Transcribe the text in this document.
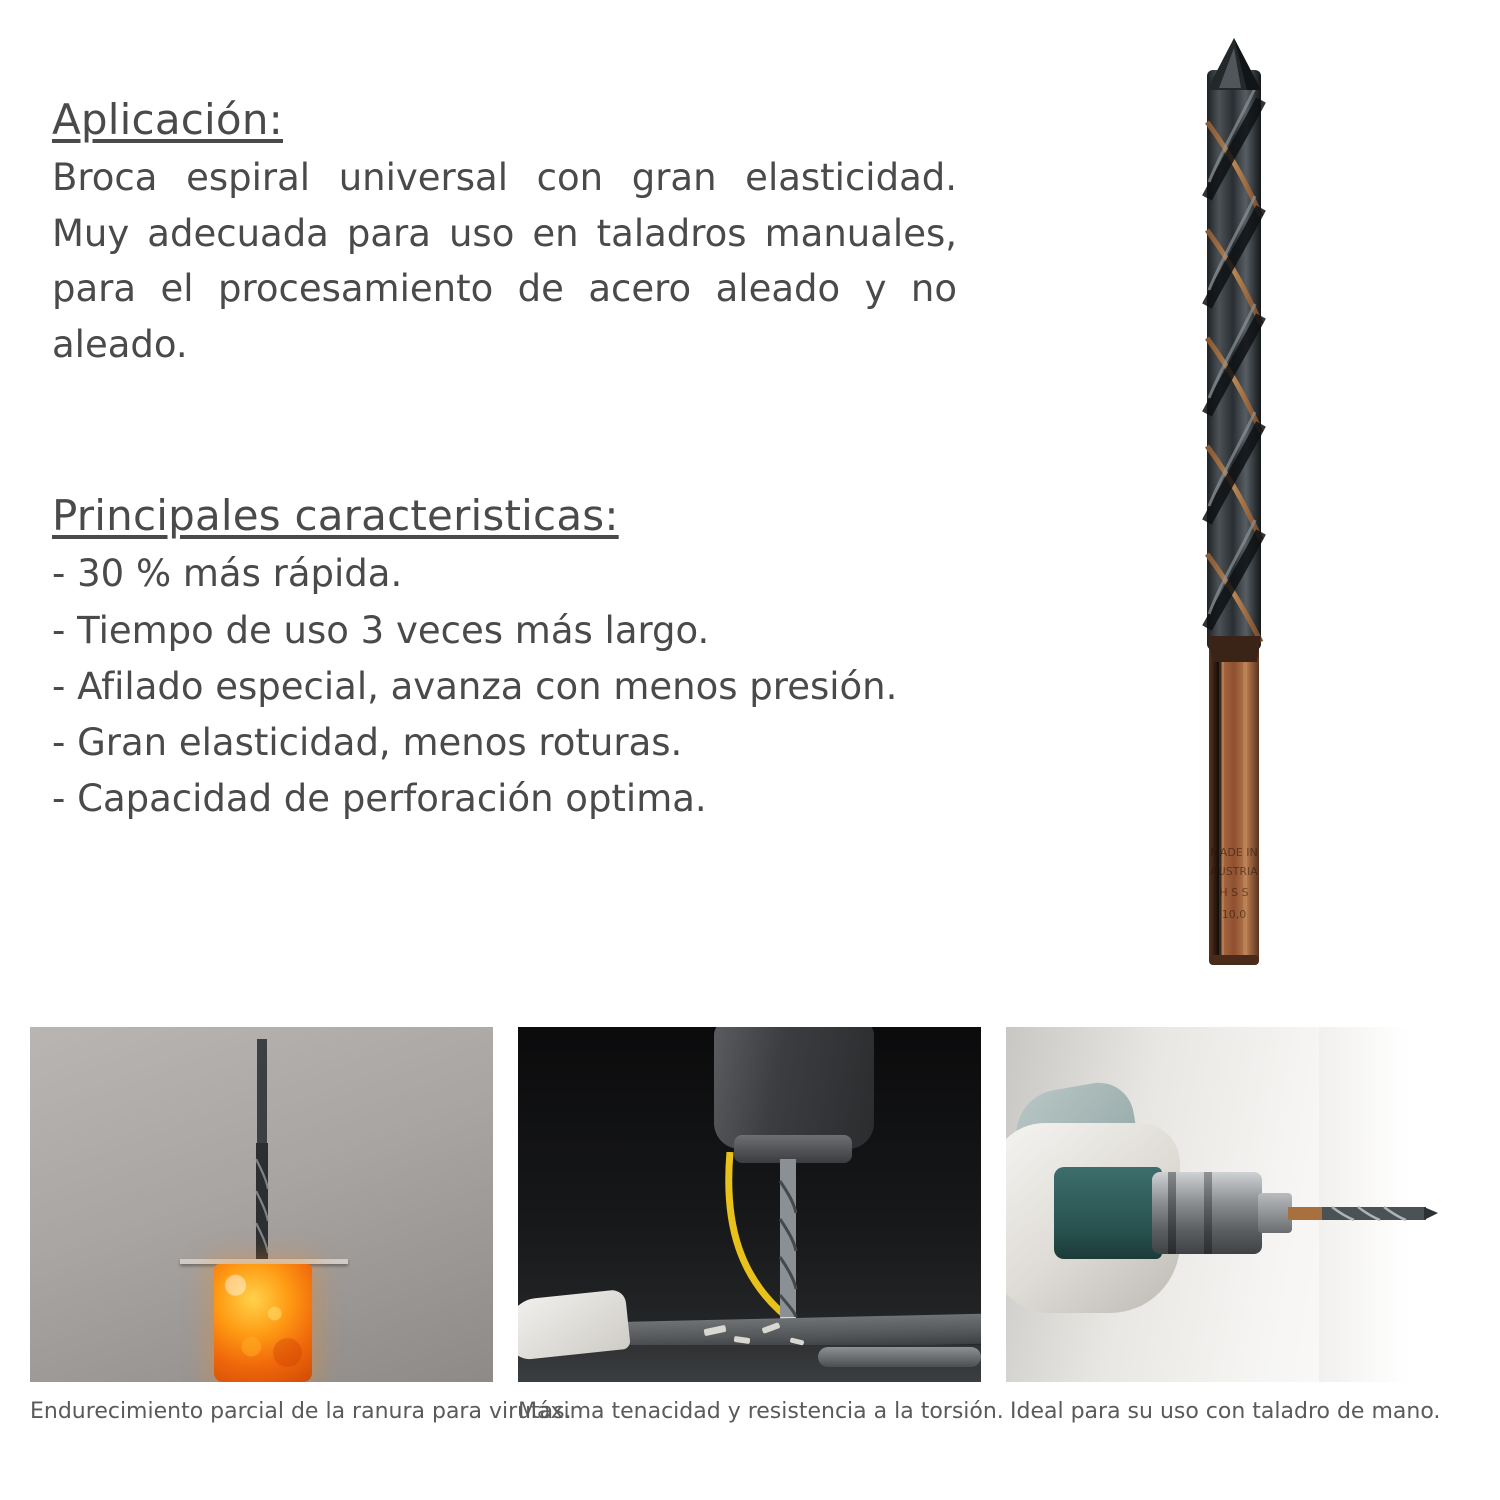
Aplicación:

Broca espiral universal con gran elasticidad. Muy adecuada para uso en taladros manuales, para el procesamiento de acero aleado y no aleado.

Principales caracteristicas:
- 30 % más rápida.
- Tiempo de uso 3 veces más largo.
- Afilado especial, avanza con menos presión.
- Gran elasticidad, menos roturas.
- Capacidad de perforación optima.
MADE IN
AUSTRIA
H S S
10,0
Endurecimiento parcial de la ranura para virutas.
Máxima tenacidad y resistencia a la torsión. Ideal para su uso con taladro de mano.
